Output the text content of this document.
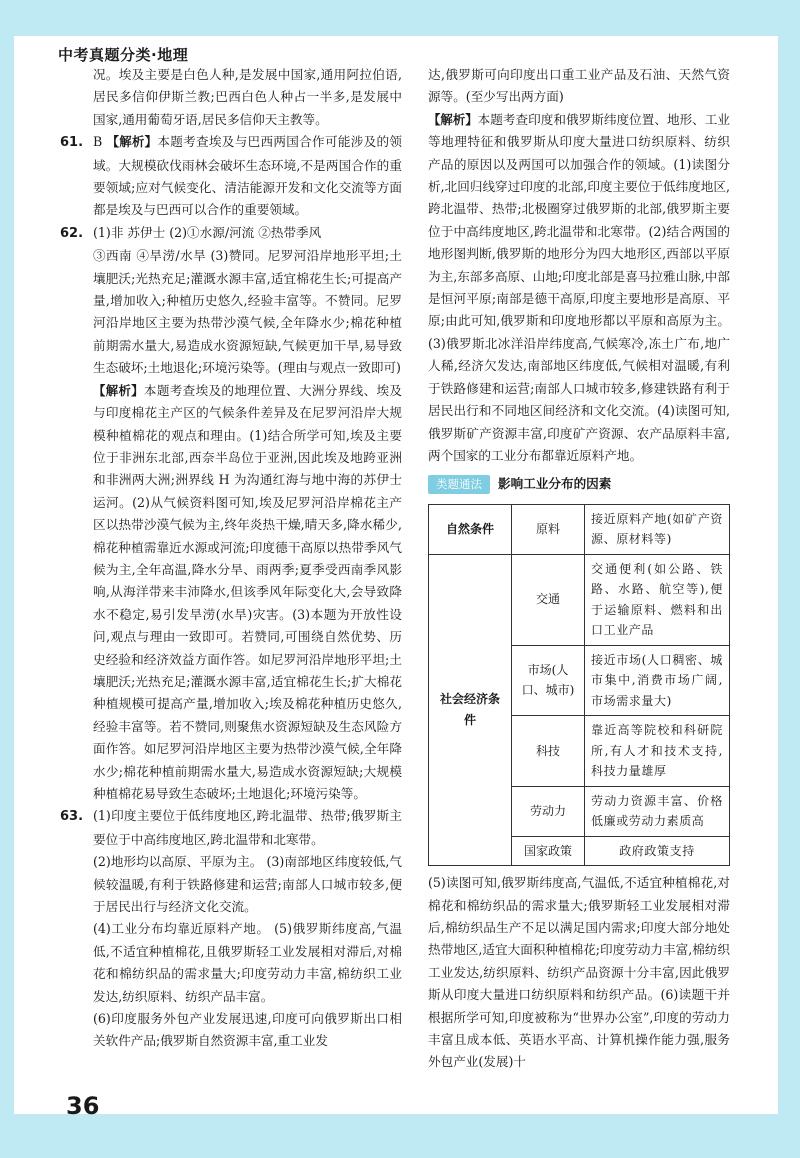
中考真题分类·地理

况。埃及主要是白色人种,是发展中国家,通用阿拉伯语,居民多信仰伊斯兰教;巴西白色人种占一半多,是发展中国家,通用葡萄牙语,居民多信仰天主教等。

61. B 【解析】本题考查埃及与巴西两国合作可能涉及的领域。大规模砍伐雨林会破坏生态环境,不是两国合作的重要领域;应对气候变化、清洁能源开发和文化交流等方面都是埃及与巴西可以合作的重要领域。

62. (1)非 苏伊士 (2)①水源/河流 ②热带季风
③西南 ④旱涝/水旱 (3)赞同。尼罗河沿岸地形平坦;土壤肥沃;光热充足;灌溉水源丰富,适宜棉花生长;可提高产量,增加收入;种植历史悠久,经验丰富等。不赞同。尼罗河沿岸地区主要为热带沙漠气候,全年降水少;棉花种植前期需水量大,易造成水资源短缺,气候更加干旱,易导致生态破坏;土地退化;环境污染等。(理由与观点一致即可)

【解析】本题考查埃及的地理位置、大洲分界线、埃及与印度棉花主产区的气候条件差异及在尼罗河沿岸大规模种植棉花的观点和理由。(1)结合所学可知,埃及主要位于非洲东北部,西奈半岛位于亚洲,因此埃及地跨亚洲和非洲两大洲;洲界线 H 为沟通红海与地中海的苏伊士运河。(2)从气候资料图可知,埃及尼罗河沿岸棉花主产区以热带沙漠气候为主,终年炎热干燥,晴天多,降水稀少,棉花种植需靠近水源或河流;印度德干高原以热带季风气候为主,全年高温,降水分旱、雨两季;夏季受西南季风影响,从海洋带来丰沛降水,但该季风年际变化大,会导致降水不稳定,易引发旱涝(水旱)灾害。(3)本题为开放性设问,观点与理由一致即可。若赞同,可围绕自然优势、历史经验和经济效益方面作答。如尼罗河沿岸地形平坦;土壤肥沃;光热充足;灌溉水源丰富,适宜棉花生长;扩大棉花种植规模可提高产量,增加收入;埃及棉花种植历史悠久,经验丰富等。若不赞同,则聚焦水资源短缺及生态风险方面作答。如尼罗河沿岸地区主要为热带沙漠气候,全年降水少;棉花种植前期需水量大,易造成水资源短缺;大规模种植棉花易导致生态破坏;土地退化;环境污染等。

63. (1)印度主要位于低纬度地区,跨北温带、热带;俄罗斯主要位于中高纬度地区,跨北温带和北寒带。

(2)地形均以高原、平原为主。 (3)南部地区纬度较低,气候较温暖,有利于铁路修建和运营;南部人口城市较多,便于居民出行与经济文化交流。

(4)工业分布均靠近原料产地。 (5)俄罗斯纬度高,气温低,不适宜种植棉花,且俄罗斯轻工业发展相对滞后,对棉花和棉纺织品的需求量大;印度劳动力丰富,棉纺织工业发达,纺织原料、纺织产品丰富。

(6)印度服务外包产业发展迅速,印度可向俄罗斯出口相关软件产品;俄罗斯自然资源丰富,重工业发

达,俄罗斯可向印度出口重工业产品及石油、天然气资源等。(至少写出两方面)

【解析】本题考查印度和俄罗斯纬度位置、地形、工业等地理特征和俄罗斯从印度大量进口纺织原料、纺织产品的原因以及两国可以加强合作的领域。(1)读图分析,北回归线穿过印度的北部,印度主要位于低纬度地区,跨北温带、热带;北极圈穿过俄罗斯的北部,俄罗斯主要位于中高纬度地区,跨北温带和北寒带。(2)结合两国的地形图判断,俄罗斯的地形分为四大地形区,西部以平原为主,东部多高原、山地;印度北部是喜马拉雅山脉,中部是恒河平原;南部是德干高原,印度主要地形是高原、平原;由此可知,俄罗斯和印度地形都以平原和高原为主。(3)俄罗斯北冰洋沿岸纬度高,气候寒冷,冻土广布,地广人稀,经济欠发达,南部地区纬度低,气候相对温暖,有利于铁路修建和运营;南部人口城市较多,修建铁路有利于居民出行和不同地区间经济和文化交流。(4)读图可知,俄罗斯矿产资源丰富,印度矿产资源、农产品原料丰富,两个国家的工业分布都靠近原料产地。

类题通法	影响工业分布的因素
自然条件	原料	接近原料产地(如矿产资源、原材料等)
社会经济条件	交通	交通便利(如公路、铁路、水路、航空等),便于运输原料、燃料和出口工业产品
	市场(人口、城市)	接近市场(人口稠密、城市集中,消费市场广阔,市场需求量大)
	科技	靠近高等院校和科研院所,有人才和技术支持,科技力量雄厚
	劳动力	劳动力资源丰富、价格低廉或劳动力素质高
	国家政策	政府政策支持

(5)读图可知,俄罗斯纬度高,气温低,不适宜种植棉花,对棉花和棉纺织品的需求量大;俄罗斯轻工业发展相对滞后,棉纺织品生产不足以满足国内需求;印度大部分地处热带地区,适宜大面积种植棉花;印度劳动力丰富,棉纺织工业发达,纺织原料、纺织产品资源十分丰富,因此俄罗斯从印度大量进口纺织原料和纺织产品。(6)读题干并根据所学可知,印度被称为“世界办公室”,印度的劳动力丰富且成本低、英语水平高、计算机操作能力强,服务外包产业(发展)十

36
